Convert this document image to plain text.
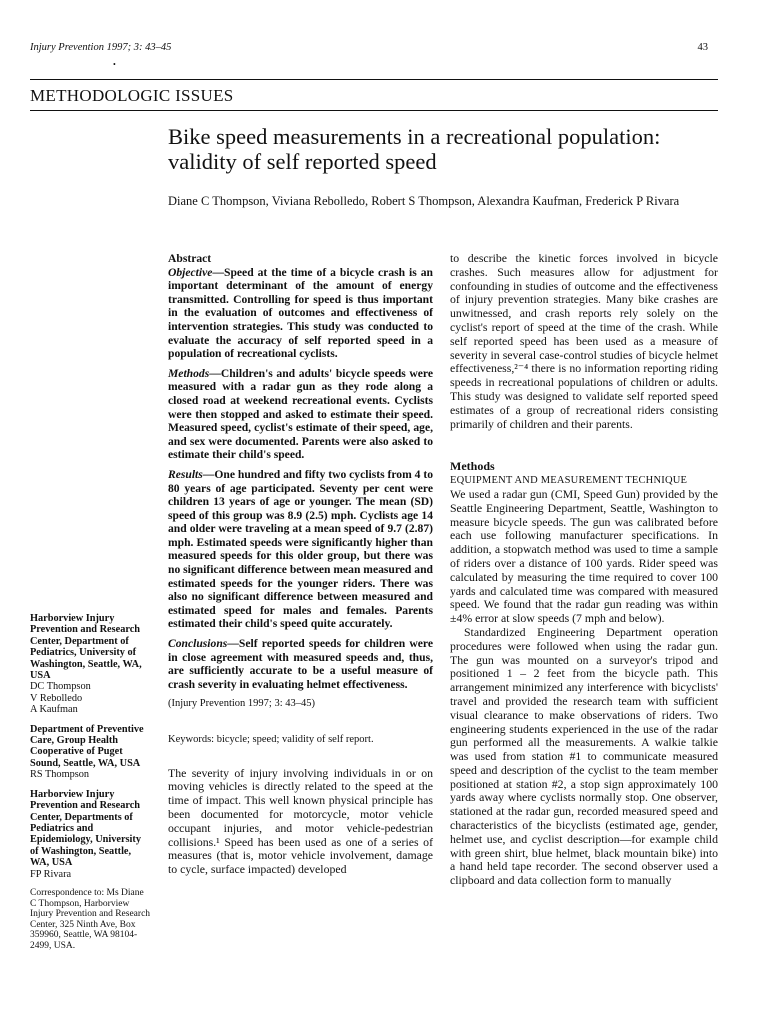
Injury Prevention 1997; 3: 43–45	43
•
METHODOLOGIC ISSUES
Bike speed measurements in a recreational population: validity of self reported speed
Diane C Thompson, Viviana Rebolledo, Robert S Thompson, Alexandra Kaufman, Frederick P Rivara
Abstract

Objective—Speed at the time of a bicycle crash is an important determinant of the amount of energy transmitted. Controlling for speed is thus important in the evaluation of outcomes and effectiveness of intervention strategies. This study was conducted to evaluate the accuracy of self reported speed in a population of recreational cyclists.

Methods—Children's and adults' bicycle speeds were measured with a radar gun as they rode along a closed road at weekend recreational events. Cyclists were then stopped and asked to estimate their speed. Measured speed, cyclist's estimate of their speed, age, and sex were documented. Parents were also asked to estimate their child's speed.

Results—One hundred and fifty two cyclists from 4 to 80 years of age participated. Seventy per cent were children 13 years of age or younger. The mean (SD) speed of this group was 8.9 (2.5) mph. Cyclists age 14 and older were traveling at a mean speed of 9.7 (2.87) mph. Estimated speeds were significantly higher than measured speeds for this older group, but there was no significant difference between mean measured and estimated speeds for the younger riders. There was also no significant difference between measured and estimated speed for males and females. Parents estimated their child's speed quite accurately.

Conclusions—Self reported speeds for children were in close agreement with measured speeds and, thus, are sufficiently accurate to be a useful measure of crash severity in evaluating helmet effectiveness.

(Injury Prevention 1997; 3: 43–45)
Keywords: bicycle; speed; validity of self report.

The severity of injury involving individuals in or on moving vehicles is directly related to the speed at the time of impact. This well known physical principle has been documented for motorcycle, motor vehicle occupant injuries, and motor vehicle-pedestrian collisions.¹ Speed has been used as one of a series of measures (that is, motor vehicle involvement, damage to cycle, surface impacted) developed

to describe the kinetic forces involved in bicycle crashes. Such measures allow for adjustment for confounding in studies of outcome and the effectiveness of injury prevention strategies. Many bike crashes are unwitnessed, and crash reports rely solely on the cyclist's report of speed at the time of the crash. While self reported speed has been used as a measure of severity in several case-control studies of bicycle helmet effectiveness,²⁻⁴ there is no information reporting riding speeds in recreational populations of children or adults. This study was designed to validate self reported speed estimates of a group of recreational riders consisting primarily of children and their parents.

Methods

EQUIPMENT AND MEASUREMENT TECHNIQUE

We used a radar gun (CMI, Speed Gun) provided by the Seattle Engineering Department, Seattle, Washington to measure bicycle speeds. The gun was calibrated before each use following manufacturer specifications. In addition, a stopwatch method was used to time a sample of riders over a distance of 100 yards. Rider speed was calculated by measuring the time required to cover 100 yards and calculated time was compared with measured speed. We found that the radar gun reading was within ±4% error at slow speeds (7 mph and below).

Standardized Engineering Department operation procedures were followed when using the radar gun. The gun was mounted on a surveyor's tripod and positioned 1 – 2 feet from the bicycle path. This arrangement minimized any interference with bicyclists' travel and provided the research team with sufficient visual clearance to make observations of riders. Two engineering students experienced in the use of the radar gun performed all the measurements. A walkie talkie was used from station #1 to communicate measured speed and description of the cyclist to the team member positioned at station #2, a stop sign approximately 100 yards away where cyclists normally stop. One observer, stationed at the radar gun, recorded measured speed and characteristics of the bicyclists (estimated age, gender, helmet use, and cyclist description—for example child with green shirt, blue helmet, black mountain bike) into a hand held tape recorder. The second observer used a clipboard and data collection form to manually

Harborview Injury Prevention and Research Center, Department of Pediatrics, University of Washington, Seattle, WA, USA
DC Thompson
V Rebolledo
A Kaufman
Department of Preventive Care, Group Health Cooperative of Puget Sound, Seattle, WA, USA
RS Thompson
Harborview Injury Prevention and Research Center, Departments of Pediatrics and Epidemiology, University of Washington, Seattle, WA, USA
FP Rivara
Correspondence to: Ms Diane C Thompson, Harborview Injury Prevention and Research Center, 325 Ninth Ave, Box 359960, Seattle, WA 98104-2499, USA.
